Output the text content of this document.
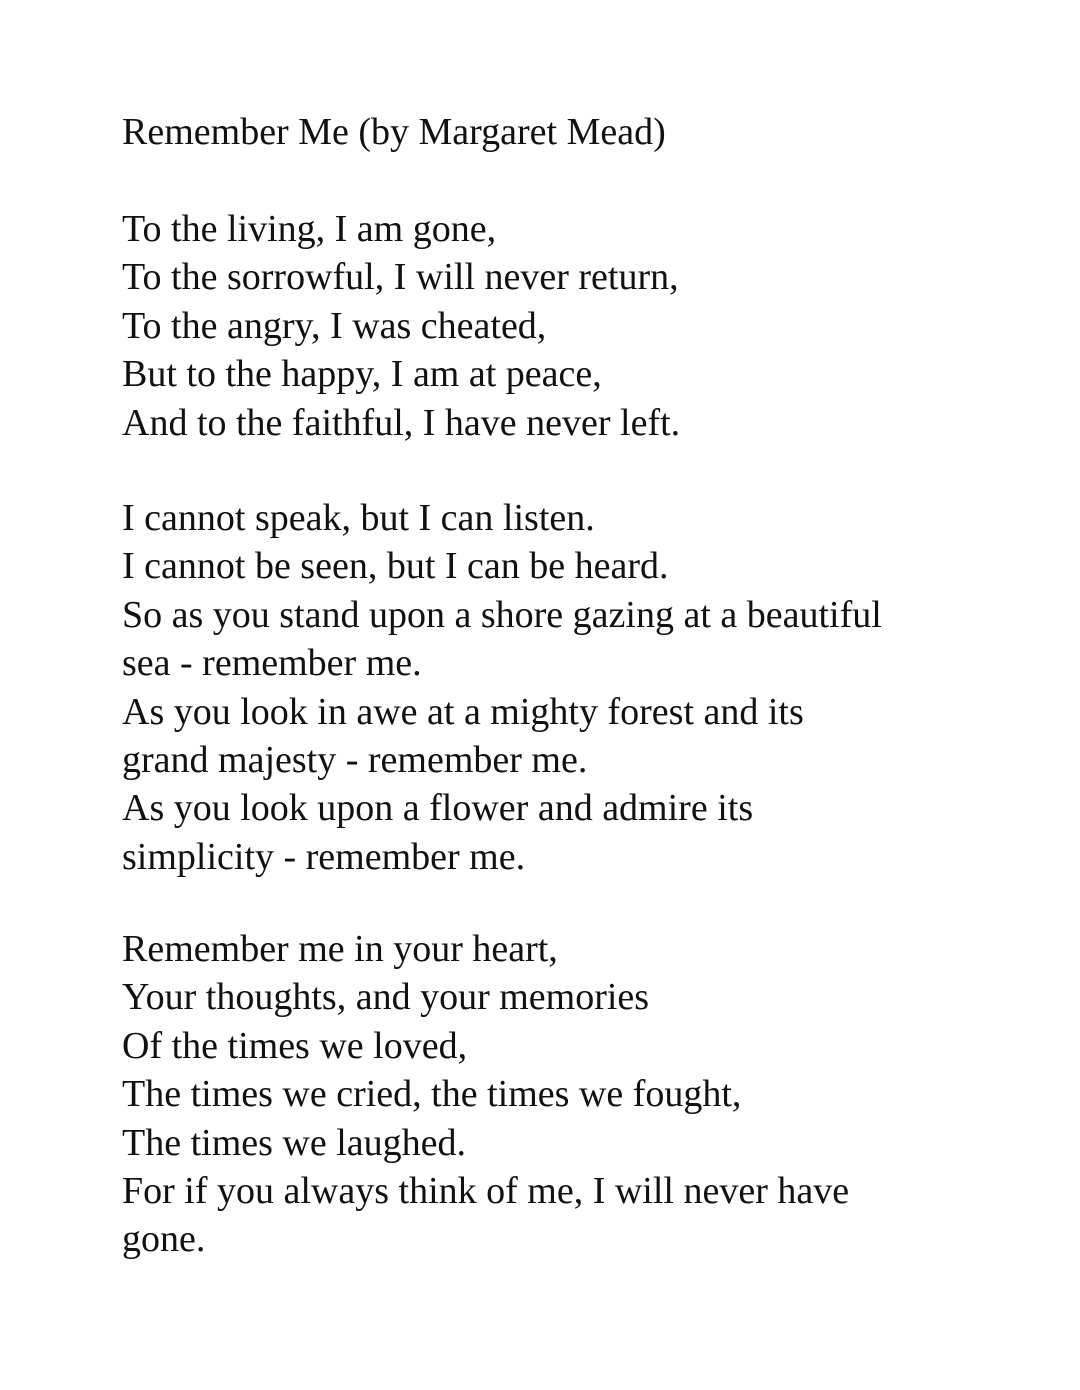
Remember Me (by Margaret Mead)
To the living, I am gone,
To the sorrowful, I will never return,
To the angry, I was cheated,
But to the happy, I am at peace,
And to the faithful, I have never left.
I cannot speak, but I can listen.
I cannot be seen, but I can be heard.
So as you stand upon a shore gazing at a beautiful
sea - remember me.
As you look in awe at a mighty forest and its
grand majesty - remember me.
As you look upon a flower and admire its
simplicity - remember me.
Remember me in your heart,
Your thoughts, and your memories
Of the times we loved,
The times we cried, the times we fought,
The times we laughed.
For if you always think of me, I will never have
gone.
